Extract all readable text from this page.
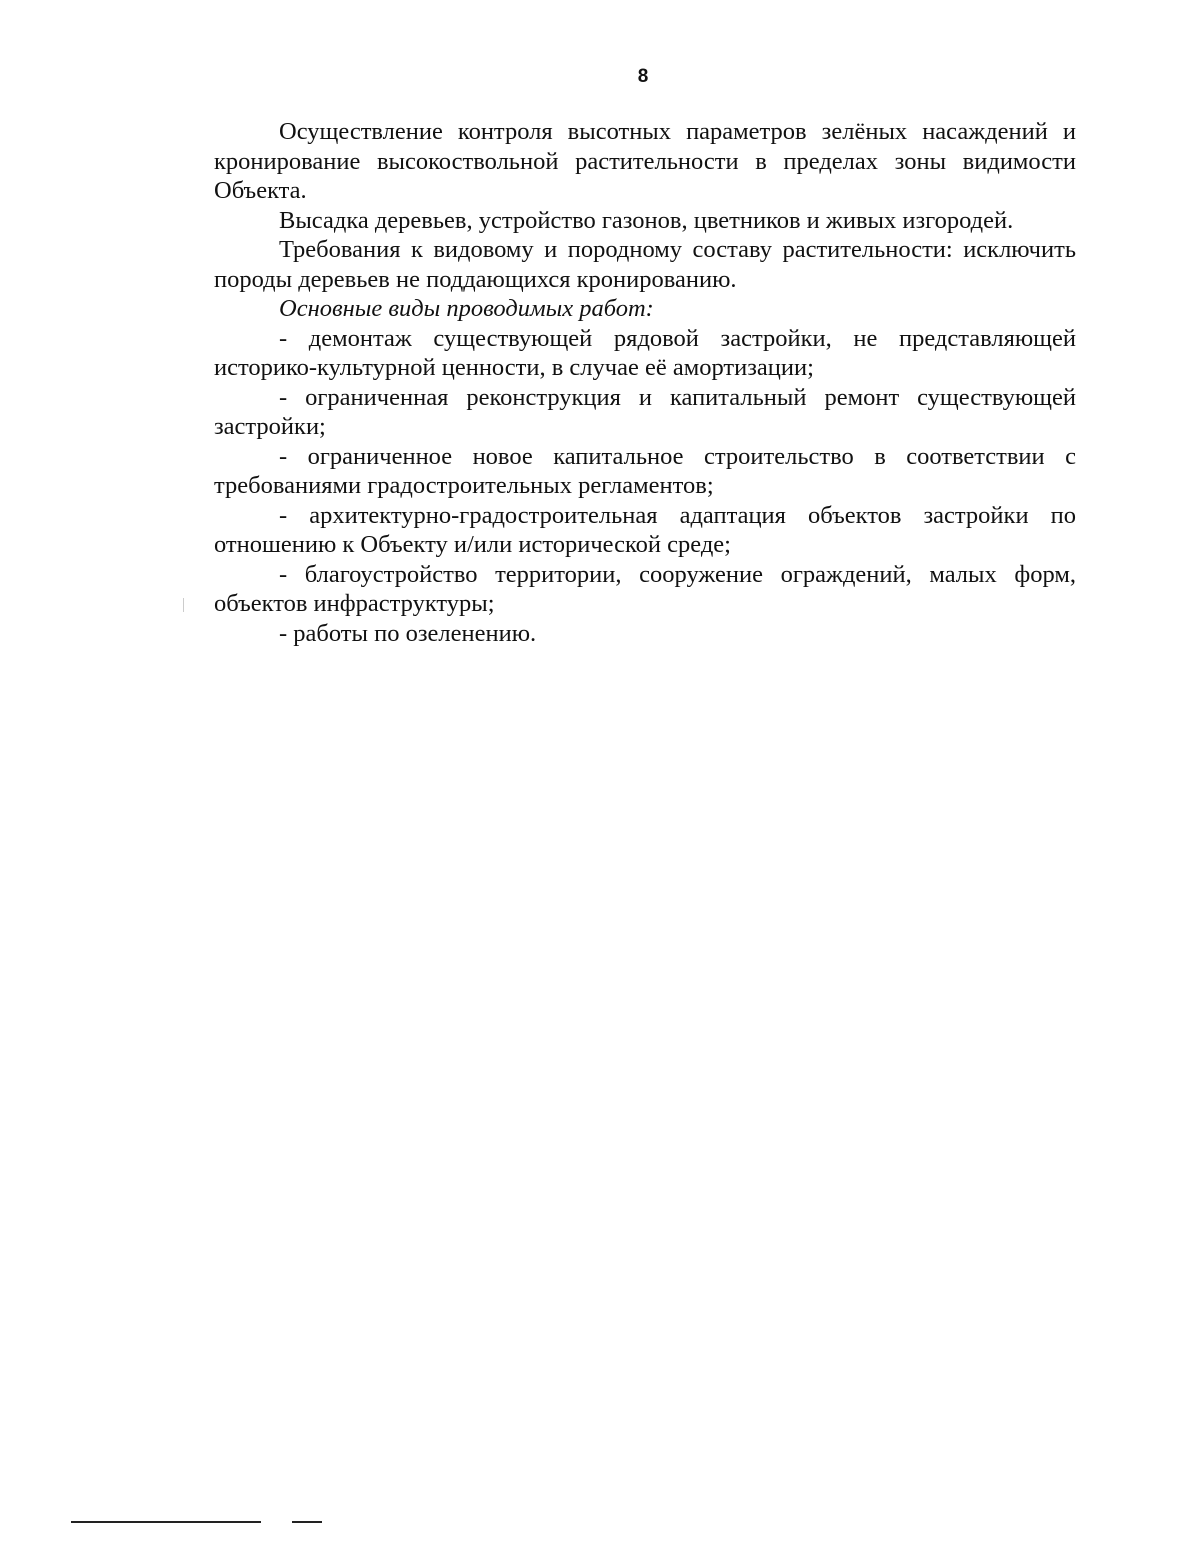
8

Осуществление контроля высотных параметров зелёных насаждений и кронирование высокоствольной растительности в пределах зоны видимости Объекта.

Высадка деревьев, устройство газонов, цветников и живых изгородей.

Требования к видовому и породному составу растительности: исключить породы деревьев не поддающихся кронированию.

Основные виды проводимых работ:

- демонтаж существующей рядовой застройки, не представляющей историко-культурной ценности, в случае её амортизации;

- ограниченная реконструкция и капитальный ремонт существующей застройки;

- ограниченное новое капитальное строительство в соответствии с требованиями градостроительных регламентов;

- архитектурно-градостроительная адаптация объектов застройки по отношению к Объекту и/или исторической среде;

- благоустройство территории, сооружение ограждений, малых форм, объектов инфраструктуры;

- работы по озеленению.
